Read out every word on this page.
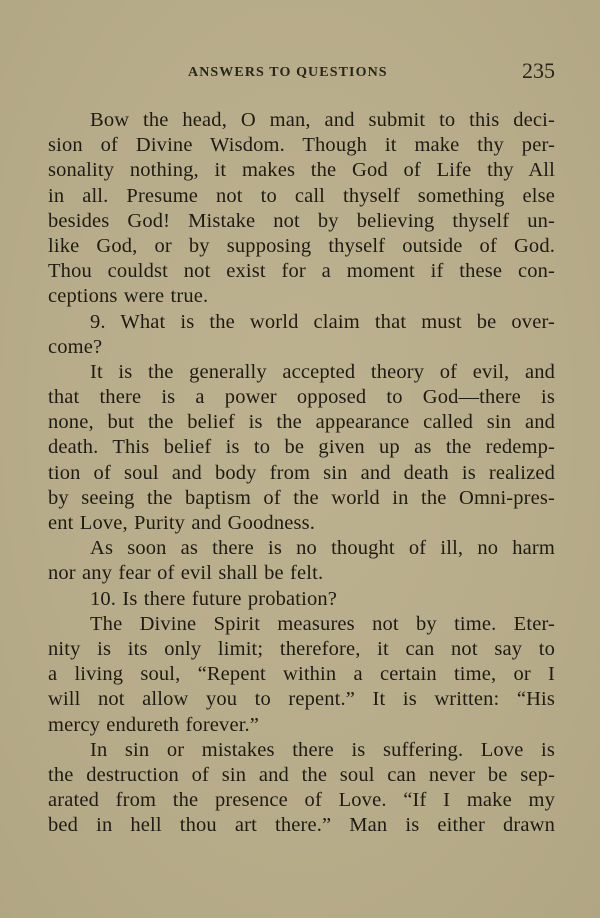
ANSWERS TO QUESTIONS	235
Bow the head, O man, and submit to this deci-
sion of Divine Wisdom. Though it make thy per-
sonality nothing, it makes the God of Life thy All
in all. Presume not to call thyself something else
besides God! Mistake not by believing thyself un-
like God, or by supposing thyself outside of God.
Thou couldst not exist for a moment if these con-
ceptions were true.
9. What is the world claim that must be over-
come?
It is the generally accepted theory of evil, and
that there is a power opposed to God—there is
none, but the belief is the appearance called sin and
death. This belief is to be given up as the redemp-
tion of soul and body from sin and death is realized
by seeing the baptism of the world in the Omni-pres-
ent Love, Purity and Goodness.
As soon as there is no thought of ill, no harm
nor any fear of evil shall be felt.
10. Is there future probation?
The Divine Spirit measures not by time. Eter-
nity is its only limit; therefore, it can not say to
a living soul, “Repent within a certain time, or I
will not allow you to repent.” It is written: “His
mercy endureth forever.”
In sin or mistakes there is suffering. Love is
the destruction of sin and the soul can never be sep-
arated from the presence of Love. “If I make my
bed in hell thou art there.” Man is either drawn
